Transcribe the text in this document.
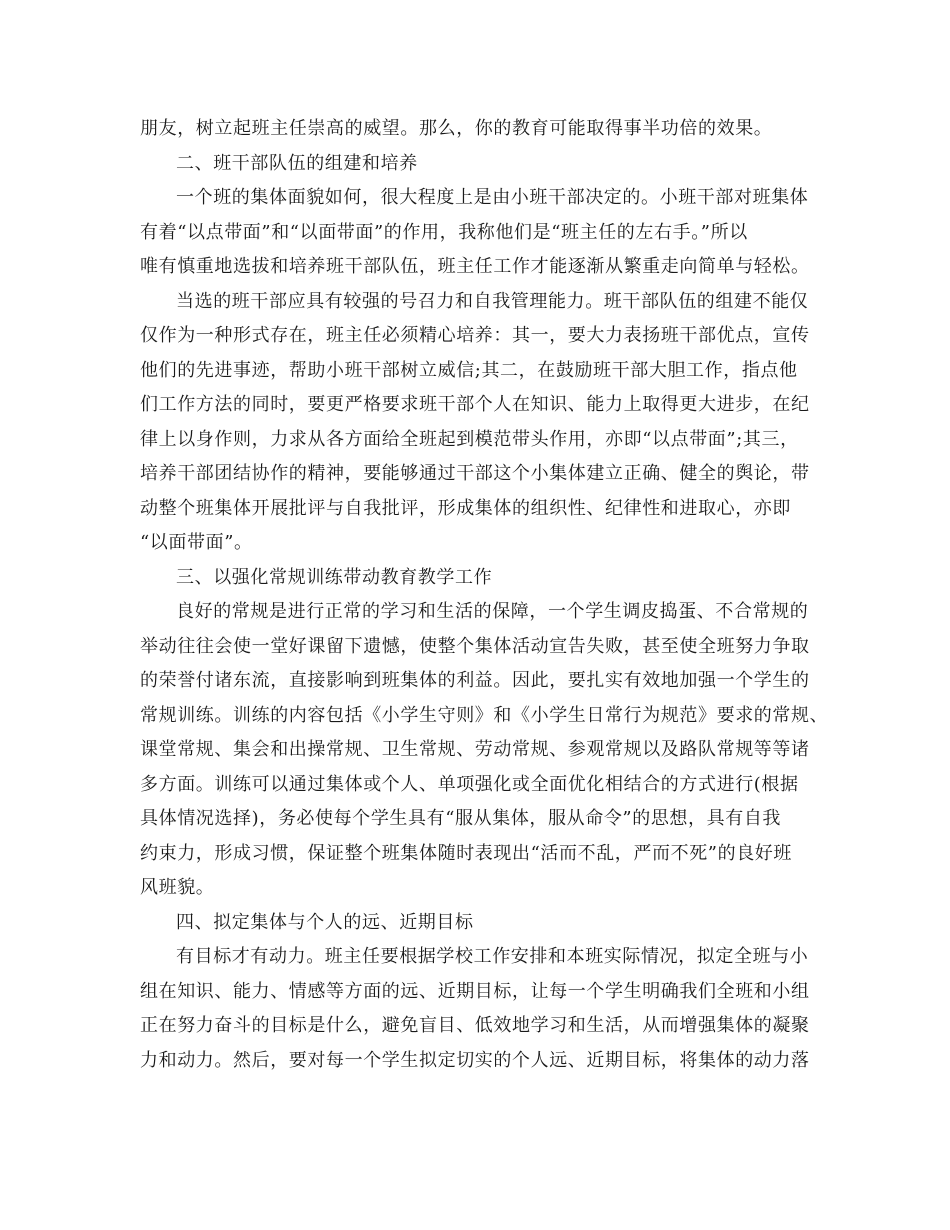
朋友，树立起班主任崇高的威望。那么，你的教育可能取得事半功倍的效果。
二、班干部队伍的组建和培养
一个班的集体面貌如何，很大程度上是由小班干部决定的。小班干部对班集体
有着“以点带面”和“以面带面”的作用，我称他们是“班主任的左右手。”所以
唯有慎重地选拔和培养班干部队伍，班主任工作才能逐渐从繁重走向简单与轻松。
当选的班干部应具有较强的号召力和自我管理能力。班干部队伍的组建不能仅
仅作为一种形式存在，班主任必须精心培养：其一，要大力表扬班干部优点，宣传
他们的先进事迹，帮助小班干部树立威信;其二，在鼓励班干部大胆工作，指点他
们工作方法的同时，要更严格要求班干部个人在知识、能力上取得更大进步，在纪
律上以身作则，力求从各方面给全班起到模范带头作用，亦即“以点带面”;其三，
培养干部团结协作的精神，要能够通过干部这个小集体建立正确、健全的舆论，带
动整个班集体开展批评与自我批评，形成集体的组织性、纪律性和进取心，亦即
“以面带面”。
三、以强化常规训练带动教育教学工作
良好的常规是进行正常的学习和生活的保障，一个学生调皮捣蛋、不合常规的
举动往往会使一堂好课留下遗憾，使整个集体活动宣告失败，甚至使全班努力争取
的荣誉付诸东流，直接影响到班集体的利益。因此，要扎实有效地加强一个学生的
常规训练。训练的内容包括《小学生守则》和《小学生日常行为规范》要求的常规、
课堂常规、集会和出操常规、卫生常规、劳动常规、参观常规以及路队常规等等诸
多方面。训练可以通过集体或个人、单项强化或全面优化相结合的方式进行(根据
具体情况选择)，务必使每个学生具有“服从集体，服从命令”的思想，具有自我
约束力，形成习惯，保证整个班集体随时表现出“活而不乱，严而不死”的良好班
风班貌。
四、拟定集体与个人的远、近期目标
有目标才有动力。班主任要根据学校工作安排和本班实际情况，拟定全班与小
组在知识、能力、情感等方面的远、近期目标，让每一个学生明确我们全班和小组
正在努力奋斗的目标是什么，避免盲目、低效地学习和生活，从而增强集体的凝聚
力和动力。然后，要对每一个学生拟定切实的个人远、近期目标，将集体的动力落
